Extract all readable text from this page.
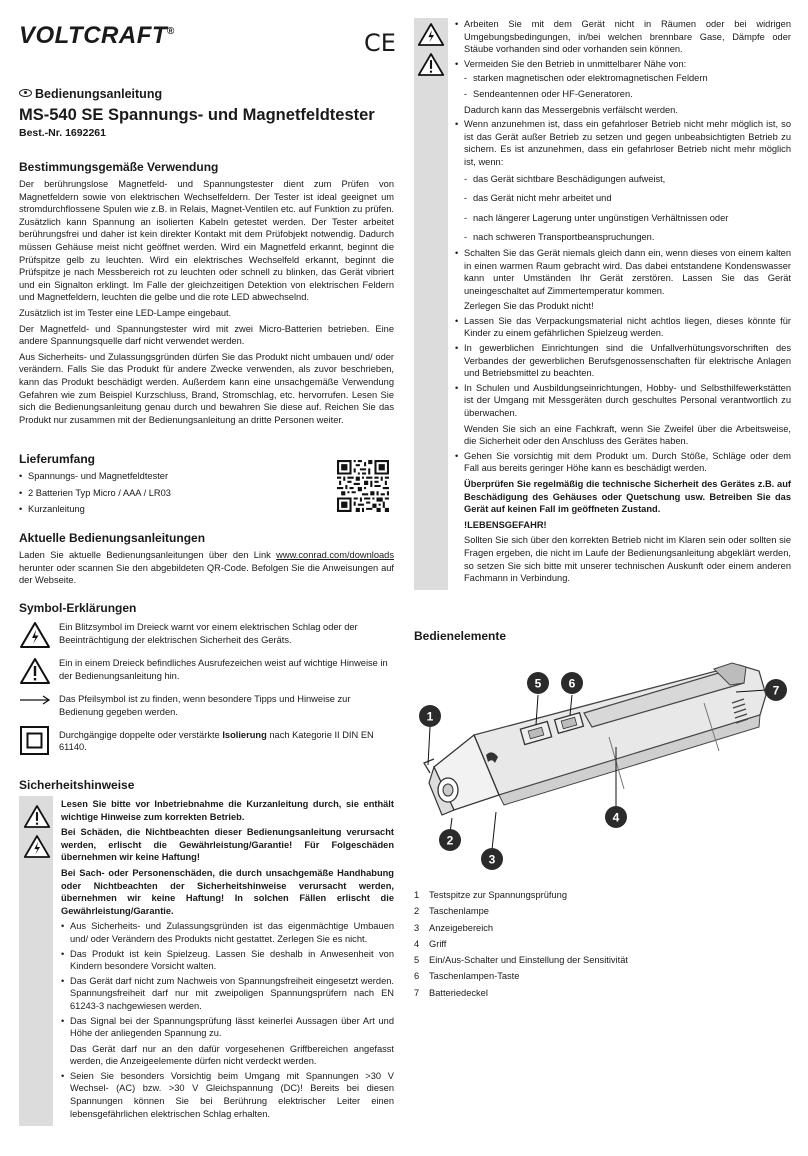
VOLTCRAFT®	CE
Bedienungsanleitung
MS-540 SE Spannungs- und Magnetfeldtester
Best.-Nr. 1692261
Bestimmungsgemäße Verwendung

Der berührungslose Magnetfeld- und Spannungstester dient zum Prüfen von Magnetfeldern sowie von elektrischen Wechselfeldern. Der Tester ist ideal geeignet um stromdurchflossene Spulen wie z.B. in Relais, Magnet-Ventilen etc. auf Funktion zu prüfen. Zusätzlich kann Spannung an isolierten Kabeln getestet werden. Der Tester arbeitet berührungsfrei und daher ist kein direkter Kontakt mit dem Prüfobjekt notwendig. Dadurch müssen Gehäuse meist nicht geöffnet werden. Wird ein Magnetfeld erkannt, beginnt die Prüfspitze gelb zu leuchten. Wird ein elektrisches Wechselfeld erkannt, beginnt die Prüfspitze je nach Messbereich rot zu leuchten oder schnell zu blinken, das Gerät vibriert und ein Signalton erklingt. Im Falle der gleichzeitigen Detektion von elektrischen Feldern und Magnetfeldern, leuchten die gelbe und die rote LED abwechselnd.

Zusätzlich ist im Tester eine LED-Lampe eingebaut.

Der Magnetfeld- und Spannungstester wird mit zwei Micro-Batterien betrieben. Eine andere Spannungsquelle darf nicht verwendet werden.

Aus Sicherheits- und Zulassungsgründen dürfen Sie das Produkt nicht umbauen und/ oder verändern. Falls Sie das Produkt für andere Zwecke verwenden, als zuvor beschrieben, kann das Produkt beschädigt werden. Außerdem kann eine unsachgemäße Verwendung Gefahren wie zum Beispiel Kurzschluss, Brand, Stromschlag, etc. hervorrufen. Lesen Sie sich die Bedienungsanleitung genau durch und bewahren Sie diese auf. Reichen Sie das Produkt nur zusammen mit der Bedienungsanleitung an dritte Personen weiter.

Lieferumfang
• Spannungs- und Magnetfeldtester
• 2 Batterien Typ Micro / AAA / LR03
• Kurzanleitung
Aktuelle Bedienungsanleitungen

Laden Sie aktuelle Bedienungsanleitungen über den Link www.conrad.com/downloads herunter oder scannen Sie den abgebildeten QR-Code. Befolgen Sie die Anweisungen auf der Webseite.

Symbol-Erklärungen
Ein Blitzsymbol im Dreieck warnt vor einem elektrischen Schlag oder der Beeinträchtigung der elektrischen Sicherheit des Geräts.
Ein in einem Dreieck befindliches Ausrufezeichen weist auf wichtige Hinweise in der Bedienungsanleitung hin.
Das Pfeilsymbol ist zu finden, wenn besondere Tipps und Hinweise zur Bedienung gegeben werden.
Durchgängige doppelte oder verstärkte Isolierung nach Kategorie II DIN EN 61140.
Sicherheitshinweise

Lesen Sie bitte vor Inbetriebnahme die Kurzanleitung durch, sie enthält wichtige Hinweise zum korrekten Betrieb.

Bei Schäden, die Nichtbeachten dieser Bedienungsanleitung verursacht werden, erlischt die Gewährleistung/Garantie! Für Folgeschäden übernehmen wir keine Haftung!

Bei Sach- oder Personenschäden, die durch unsachgemäße Handhabung oder Nichtbeachten der Sicherheitshinweise verursacht werden, übernehmen wir keine Haftung! In solchen Fällen erlischt die Gewährleistung/Garantie.

• Aus Sicherheits- und Zulassungsgründen ist das eigenmächtige Umbauen und/ oder Verändern des Produkts nicht gestattet. Zerlegen Sie es nicht.
• Das Produkt ist kein Spielzeug. Lassen Sie deshalb in Anwesenheit von Kindern besondere Vorsicht walten.
• Das Gerät darf nicht zum Nachweis von Spannungsfreiheit eingesetzt werden. Spannungsfreiheit darf nur mit zweipoligen Spannungsprüfern nach EN 61243-3 nachgewiesen werden.
• Das Signal bei der Spannungsprüfung lässt keinerlei Aussagen über Art und Höhe der anliegenden Spannung zu.
Das Gerät darf nur an den dafür vorgesehenen Griffbereichen angefasst werden, die Anzeigeelemente dürfen nicht verdeckt werden.
• Seien Sie besonders Vorsichtig beim Umgang mit Spannungen >30 V Wechsel- (AC) bzw. >30 V Gleichspannung (DC)! Bereits bei diesen Spannungen können Sie bei Berührung elektrischer Leiter einen lebensgefährlichen elektrischen Schlag erhalten.
• Arbeiten Sie mit dem Gerät nicht in Räumen oder bei widrigen Umgebungsbedingungen, in/bei welchen brennbare Gase, Dämpfe oder Stäube vorhanden sind oder vorhanden sein können.
• Vermeiden Sie den Betrieb in unmittelbarer Nähe von:
- starken magnetischen oder elektromagnetischen Feldern
- Sendeantennen oder HF-Generatoren.
Dadurch kann das Messergebnis verfälscht werden.
• Wenn anzunehmen ist, dass ein gefahrloser Betrieb nicht mehr möglich ist, so ist das Gerät außer Betrieb zu setzen und gegen unbeabsichtigten Betrieb zu sichern. Es ist anzunehmen, dass ein gefahrloser Betrieb nicht mehr möglich ist, wenn:
- das Gerät sichtbare Beschädigungen aufweist,
- das Gerät nicht mehr arbeitet und
- nach längerer Lagerung unter ungünstigen Verhältnissen oder
- nach schweren Transportbeanspruchungen.
• Schalten Sie das Gerät niemals gleich dann ein, wenn dieses von einem kalten in einen warmen Raum gebracht wird. Das dabei entstandene Kondenswasser kann unter Umständen Ihr Gerät zerstören. Lassen Sie das Gerät uneingeschaltet auf Zimmertemperatur kommen.
Zerlegen Sie das Produkt nicht!
• Lassen Sie das Verpackungsmaterial nicht achtlos liegen, dieses könnte für Kinder zu einem gefährlichen Spielzeug werden.
• In gewerblichen Einrichtungen sind die Unfallverhütungsvorschriften des Verbandes der gewerblichen Berufsgenossenschaften für elektrische Anlagen und Betriebsmittel zu beachten.
• In Schulen und Ausbildungseinrichtungen, Hobby- und Selbsthilfewerkstätten ist der Umgang mit Messgeräten durch geschultes Personal verantwortlich zu überwachen.
Wenden Sie sich an eine Fachkraft, wenn Sie Zweifel über die Arbeitsweise, die Sicherheit oder den Anschluss des Gerätes haben.
• Gehen Sie vorsichtig mit dem Produkt um. Durch Stöße, Schläge oder dem Fall aus bereits geringer Höhe kann es beschädigt werden.
Überprüfen Sie regelmäßig die technische Sicherheit des Gerätes z.B. auf Beschädigung des Gehäuses oder Quetschung usw. Betreiben Sie das Gerät auf keinen Fall im geöffneten Zustand.
!LEBENSGEFAHR!
Sollten Sie sich über den korrekten Betrieb nicht im Klaren sein oder sollten sie Fragen ergeben, die nicht im Laufe der Bedienungsanleitung abgeklärt werden, so setzen Sie sich bitte mit unserer technischen Auskunft oder einem anderen Fachmann in Verbindung.
Bedienelemente
1
2
3
4
5 6	7
1	Testspitze zur Spannungsprüfung
2	Taschenlampe
3	Anzeigebereich
4	Griff
5	Ein/Aus-Schalter und Einstellung der Sensitivität
6	Taschenlampen-Taste
7	Batteriedeckel
